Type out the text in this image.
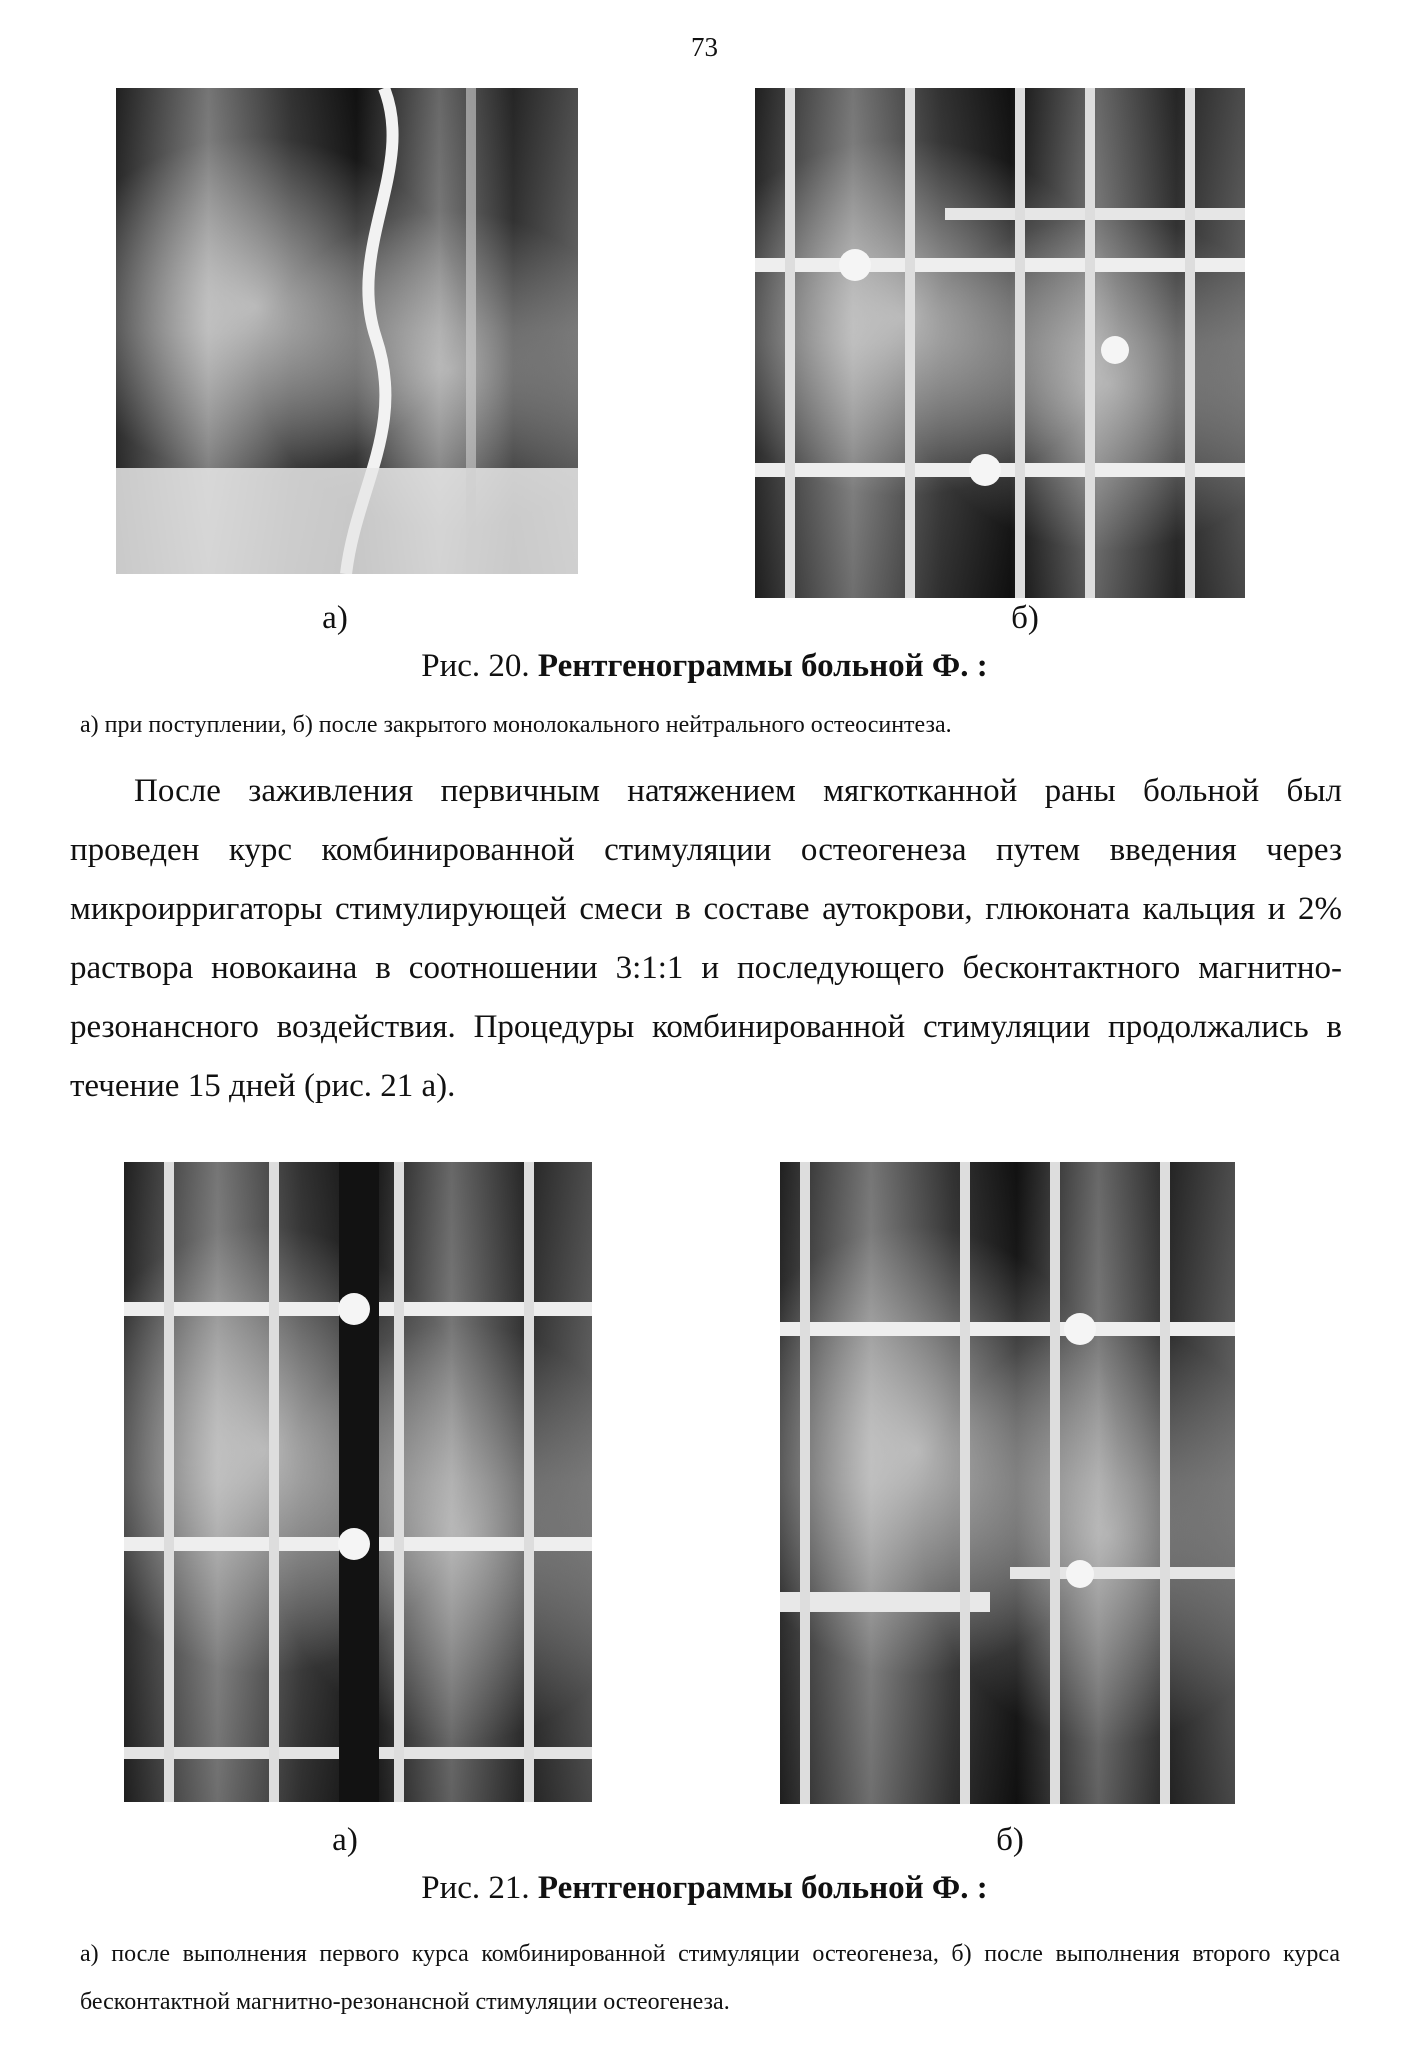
73
а)	б)
Рис. 20. Рентгенограммы больной Ф. :
а) при поступлении, б) после закрытого монолокального нейтрального остеосинтеза.
После заживления первичным натяжением мягкотканной раны больной был проведен курс комбинированной стимуляции остеогенеза путем введения через микроирригаторы стимулирующей смеси в составе аутокрови, глюконата кальция и 2% раствора новокаина в соотношении 3:1:1 и последующего бесконтактного магнитно-резонансного воздействия. Процедуры комбинированной стимуляции продолжались в течение 15 дней (рис. 21 а).
а)	б)
Рис. 21. Рентгенограммы больной Ф. :
а) после выполнения первого курса комбинированной стимуляции остеогенеза, б) после выполнения второго курса бесконтактной магнитно-резонансной стимуляции остеогенеза.
